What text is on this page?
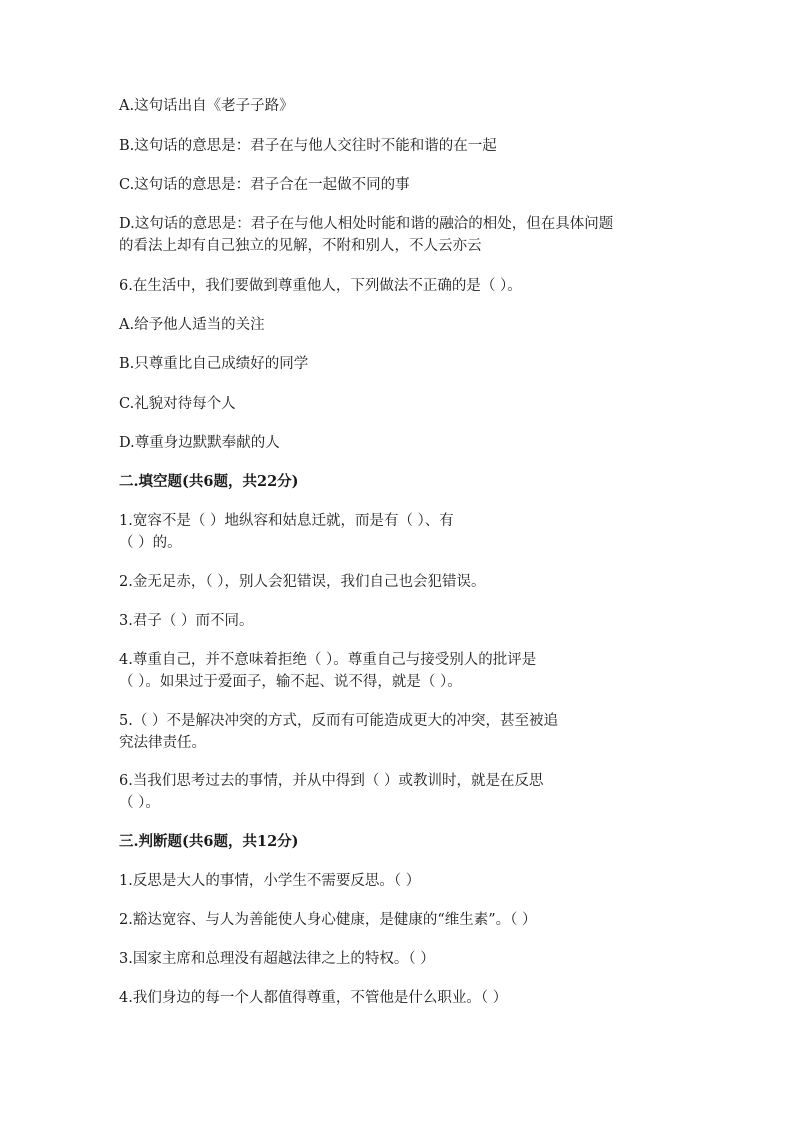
A.这句话出自《老子子路》
B.这句话的意思是：君子在与他人交往时不能和谐的在一起
C.这句话的意思是：君子合在一起做不同的事
D.这句话的意思是：君子在与他人相处时能和谐的融洽的相处，但在具体问题
的看法上却有自己独立的见解，不附和别人，不人云亦云
6.在生活中，我们要做到尊重他人，下列做法不正确的是（ ）。
A.给予他人适当的关注
B.只尊重比自己成绩好的同学
C.礼貌对待每个人
D.尊重身边默默奉献的人
二.填空题(共6题，共22分)
1.宽容不是（ ）地纵容和姑息迁就，而是有（ ）、有
（ ）的。
2.金无足赤，（ ），别人会犯错误，我们自己也会犯错误。
3.君子（ ）而不同。
4.尊重自己，并不意味着拒绝（ ）。尊重自己与接受别人的批评是
（ ）。如果过于爱面子，输不起、说不得，就是（ ）。
5.（ ）不是解决冲突的方式，反而有可能造成更大的冲突，甚至被追
究法律责任。
6.当我们思考过去的事情，并从中得到（ ）或教训时，就是在反思
（ ）。
三.判断题(共6题，共12分)
1.反思是大人的事情，小学生不需要反思。（ ）
2.豁达宽容、与人为善能使人身心健康，是健康的“维生素”。（ ）
3.国家主席和总理没有超越法律之上的特权。（ ）
4.我们身边的每一个人都值得尊重，不管他是什么职业。（ ）
